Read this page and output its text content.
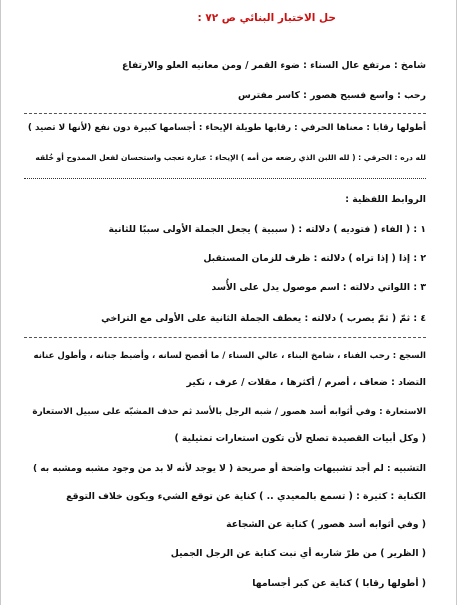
حل الاختبار البنائي ص ٧٢ :
شامخ : مرتفع عال السناء : ضوء القمر / ومن معانيه العلو والارتفاع
رحب : واسع فسيح هصور : كاسر مفترس
أطولها رقابا : معناها الحرفي : رقابها طويلة الإيحاء : أجسامها كبيرة دون نفع (لأنها لا تصيد )
لله دره : الحرفي : ( لله اللبن الذي رضعه من أمه ) الإيحاء : عبارة تعجب واستحسان لفعل الممدوح أو خُلقه
الروابط اللفظية :
١ : ( الفاء ( فتوديه ) دلالته : ( سببية ) يجعل الجملة الأولى سببًا للثانية
٢ : إذا ( إذا تراه ) دلالته : ظرف للزمان المستقبل
٣ : اللواتي دلالته : اسم موصول يدل على الأُسد
٤ : ثمّ ( ثمّ يصرب ) دلالته : يعطف الجملة الثانية على الأولى مع التراخي
السجع : رحب الفناء ، شامخ البناء ، عالي السناء / ما أفصح لسانه ، وأضبط جنانه ، وأطول عنانه
التضاد : ضعاف ، أصرم / أكثرها ، مقلات / عرف ، نكير
الاستعارة : وفي أثوابه أسد هصور / شبه الرجل بالأسد ثم حذف المشبّه على سبيل الاستعارة
( وكل أبيات القصيدة تصلح لأن تكون استعارات تمثيلية )
التشبيه : لم أجد تشبيهات واضحة أو صريحة ( لا يوجد لأنه لا بد من وجود مشبه ومشبه به )
الكناية : كثيرة : ( تسمع بالمعيدي .. ) كناية عن توقع الشيء ويكون خلاف التوقع
( وفي أثوابه أسد هصور ) كناية عن الشجاعة
( الظرير ) من طرّ شاربه أي نبت كناية عن الرجل الجميل
( أطولها رقابا ) كناية عن كبر أجسامها
